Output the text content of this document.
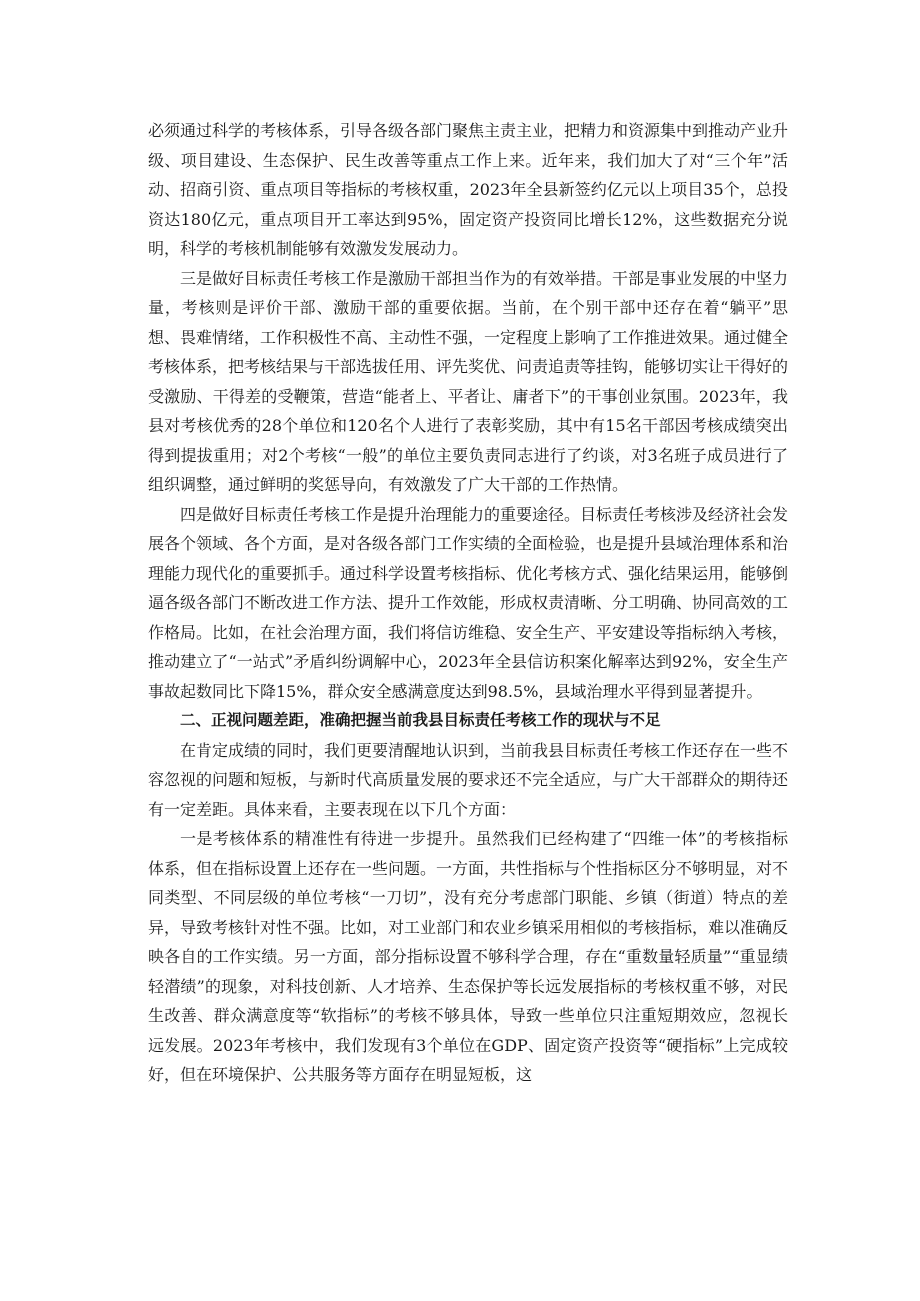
必须通过科学的考核体系，引导各级各部门聚焦主责主业，把精力和资源集中到推动产业升级、项目建设、生态保护、民生改善等重点工作上来。近年来，我们加大了对“三个年”活动、招商引资、重点项目等指标的考核权重，2023年全县新签约亿元以上项目35个，总投资达180亿元，重点项目开工率达到95%，固定资产投资同比增长12%，这些数据充分说明，科学的考核机制能够有效激发发展动力。

三是做好目标责任考核工作是激励干部担当作为的有效举措。干部是事业发展的中坚力量，考核则是评价干部、激励干部的重要依据。当前，在个别干部中还存在着“躺平”思想、畏难情绪，工作积极性不高、主动性不强，一定程度上影响了工作推进效果。通过健全考核体系，把考核结果与干部选拔任用、评先奖优、问责追责等挂钩，能够切实让干得好的受激励、干得差的受鞭策，营造“能者上、平者让、庸者下”的干事创业氛围。2023年，我县对考核优秀的28个单位和120名个人进行了表彰奖励，其中有15名干部因考核成绩突出得到提拔重用；对2个考核“一般”的单位主要负责同志进行了约谈，对3名班子成员进行了组织调整，通过鲜明的奖惩导向，有效激发了广大干部的工作热情。

四是做好目标责任考核工作是提升治理能力的重要途径。目标责任考核涉及经济社会发展各个领域、各个方面，是对各级各部门工作实绩的全面检验，也是提升县域治理体系和治理能力现代化的重要抓手。通过科学设置考核指标、优化考核方式、强化结果运用，能够倒逼各级各部门不断改进工作方法、提升工作效能，形成权责清晰、分工明确、协同高效的工作格局。比如，在社会治理方面，我们将信访维稳、安全生产、平安建设等指标纳入考核，推动建立了“一站式”矛盾纠纷调解中心，2023年全县信访积案化解率达到92%，安全生产事故起数同比下降15%，群众安全感满意度达到98.5%，县域治理水平得到显著提升。

二、正视问题差距，准确把握当前我县目标责任考核工作的现状与不足

在肯定成绩的同时，我们更要清醒地认识到，当前我县目标责任考核工作还存在一些不容忽视的问题和短板，与新时代高质量发展的要求还不完全适应，与广大干部群众的期待还有一定差距。具体来看，主要表现在以下几个方面：

一是考核体系的精准性有待进一步提升。虽然我们已经构建了“四维一体”的考核指标体系，但在指标设置上还存在一些问题。一方面，共性指标与个性指标区分不够明显，对不同类型、不同层级的单位考核“一刀切”，没有充分考虑部门职能、乡镇（街道）特点的差异，导致考核针对性不强。比如，对工业部门和农业乡镇采用相似的考核指标，难以准确反映各自的工作实绩。另一方面，部分指标设置不够科学合理，存在“重数量轻质量”“重显绩轻潜绩”的现象，对科技创新、人才培养、生态保护等长远发展指标的考核权重不够，对民生改善、群众满意度等“软指标”的考核不够具体，导致一些单位只注重短期效应，忽视长远发展。2023年考核中，我们发现有3个单位在GDP、固定资产投资等“硬指标”上完成较好，但在环境保护、公共服务等方面存在明显短板，这
